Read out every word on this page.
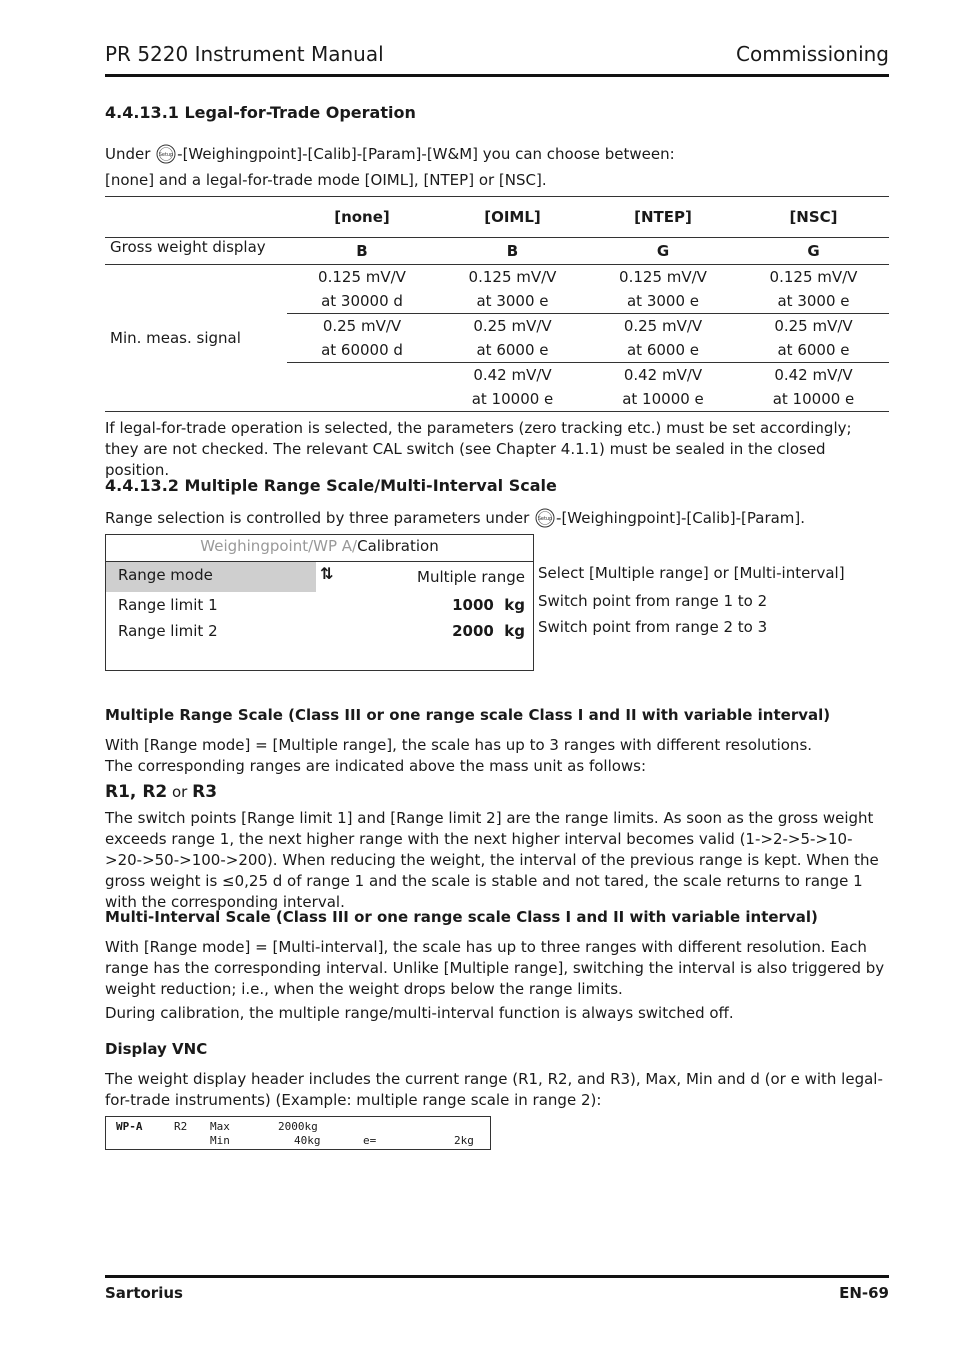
PR 5220 Instrument Manual	Commissioning
4.4.13.1 Legal-for-Trade Operation
Under Setup -[Weighingpoint]-[Calib]-[Param]-[W&M] you can choose between:
[none] and a legal-for-trade mode [OIML], [NTEP] or [NSC].
	[none]	[OIML]	[NTEP]	[NSC]
Gross weight display	B	B	G	G
Min. meas. signal	0.125 mV/V	0.125 mV/V	0.125 mV/V	0.125 mV/V
	at 30000 d	at 3000 e	at 3000 e	at 3000 e
	0.25 mV/V	0.25 mV/V	0.25 mV/V	0.25 mV/V
	at 60000 d	at 6000 e	at 6000 e	at 6000 e
		0.42 mV/V	0.42 mV/V	0.42 mV/V
		at 10000 e	at 10000 e	at 10000 e
If legal-for-trade operation is selected, the parameters (zero tracking etc.) must be set accordingly; they are not checked. The relevant CAL switch (see Chapter 4.1.1) must be sealed in the closed position.
4.4.13.2 Multiple Range Scale/Multi-Interval Scale
Range selection is controlled by three parameters under Setup -[Weighingpoint]-[Calib]-[Param].
Weighingpoint/WP A/Calibration
Range mode	⇅	Multiple range
Range limit 1	1000  kg
Range limit 2	2000  kg
Select [Multiple range] or [Multi-interval]
Switch point from range 1 to 2
Switch point from range 2 to 3
Multiple Range Scale (Class III or one range scale Class I and II with variable interval)
With [Range mode] = [Multiple range], the scale has up to 3 ranges with different resolutions.
The corresponding ranges are indicated above the mass unit as follows:
R1, R2 or R3
The switch points [Range limit 1] and [Range limit 2] are the range limits. As soon as the gross weight exceeds range 1, the next higher range with the next higher interval becomes valid (1->2->5->10->20->50->100->200). When reducing the weight, the interval of the previous range is kept. When the gross weight is ≤0,25 d of range 1 and the scale is stable and not tared, the scale returns to range 1 with the corresponding interval.
Multi-Interval Scale (Class III or one range scale Class I and II with variable interval)
With [Range mode] = [Multi-interval], the scale has up to three ranges with different resolution. Each range has the corresponding interval. Unlike [Multiple range], switching the interval is also triggered by weight reduction; i.e., when the weight drops below the range limits.
During calibration, the multiple range/multi-interval function is always switched off.
Display VNC
The weight display header includes the current range (R1, R2, and R3), Max, Min and d (or e with legal-for-trade instruments) (Example: multiple range scale in range 2):
WP-A	R2 Max	2000kg
Min	40kg	e=	2kg
Sartorius	EN-69
